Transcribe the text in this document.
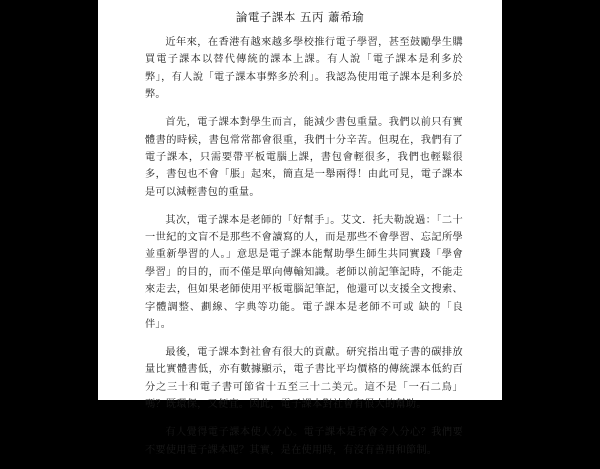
論電子課本 五丙 蕭希瑜

近年來，在香港有越來越多學校推行電子學習，甚至鼓勵學生購買電子課本以替代傳統的課本上課。有人說「電子課本是利多於弊」，有人說「電子課本事弊多於利」。我認為使用電子課本是利多於弊。

首先，電子課本對學生而言，能減少書包重量。我們以前只有實體書的時候，書包常常都會很重，我們十分辛苦。但現在，我們有了電子課本，只需要帶平板電腦上課，書包會輕很多，我們也輕鬆很多，書包也不會「脹」起來，簡直是一舉兩得！由此可見，電子課本是可以減輕書包的重量。

其次，電子課本是老師的「好幫手」。艾文．托夫勒說過：「二十一世紀的文盲不是那些不會讀寫的人，而是那些不會學習、忘記所學並重新學習的人。」意思是電子課本能幫助學生師生共同實踐「學會學習」的目的，而不僅是單向傳輸知識。老師以前記筆記時，不能走來走去，但如果老師使用平板電腦記筆記，他還可以支援全文搜索、字體調整、劃線、字典等功能。電子課本是老師不可或 缺的「良伴」。

最後，電子課本對社會有很大的貢獻。研究指出電子書的碳排放量比實體書低，亦有數據顯示，電子書比平均價格的傳統課本低約百分之三十和電子書可節省十五至三十二美元。這不是「一石二鳥」嗎？既環保，又便宜。因此，電子課本對社會有很大的幫助。

有人覺得電子課本使人分心。電子課本是否會令人分心？我們要不要使用電子課本呢？其實，是在使用時，有沒有善用和節制。
